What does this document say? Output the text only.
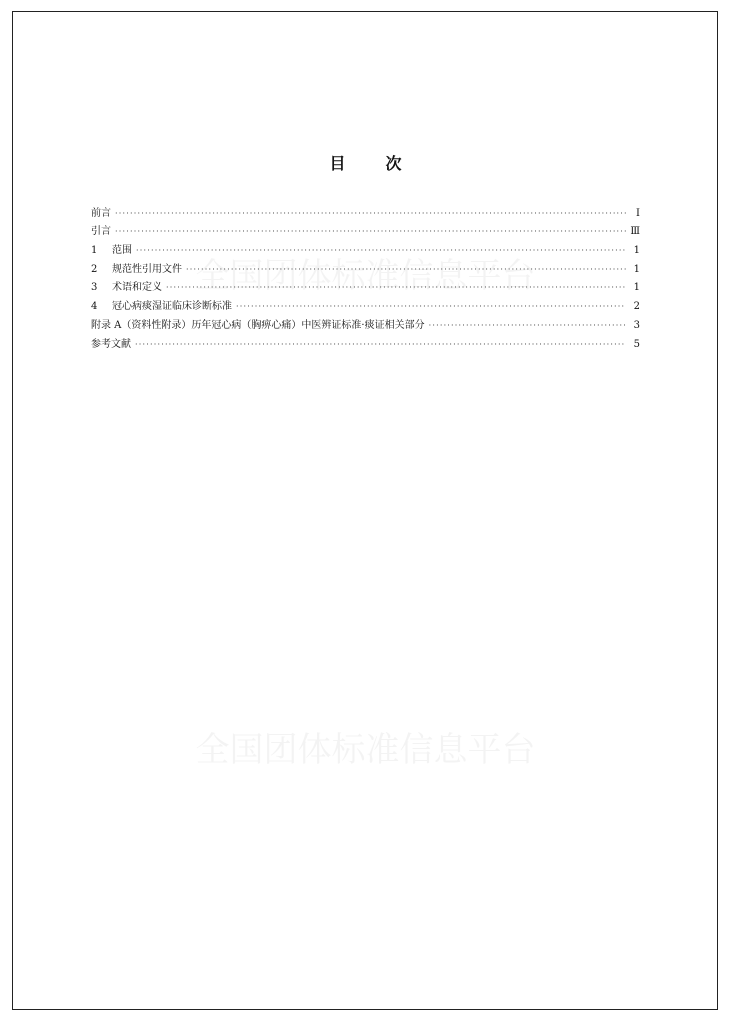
目	次
前言 ·····	Ⅰ
引言 ·····	Ⅲ
1 范围 ·····	1
2 规范性引用文件 ·····	1
3 术语和定义 ·····	1
4 冠心病痰湿证临床诊断标准 ·····	2
附录 A（资料性附录）历年冠心病（胸痹心痛）中医辨证标准·痰证相关部分 ·····	3
参考文献 ·····	5
